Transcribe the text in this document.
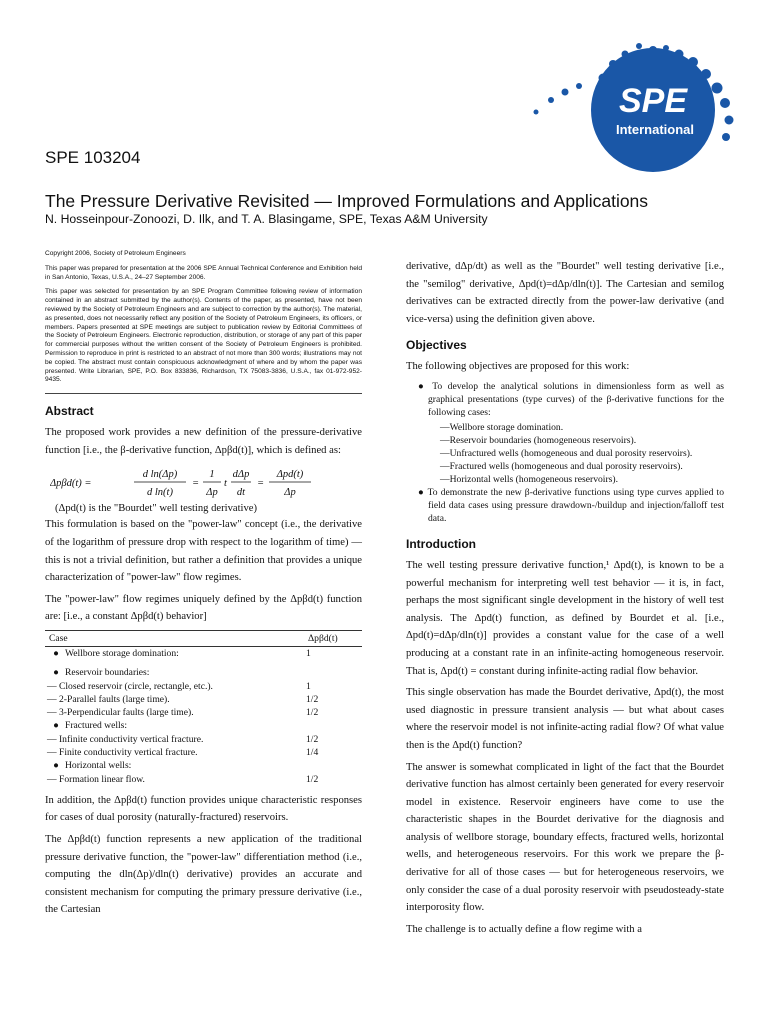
SPE
International
SPE 103204
The Pressure Derivative Revisited — Improved Formulations and Applications
N. Hosseinpour-Zonoozi, D. Ilk, and T. A. Blasingame, SPE, Texas A&M University

Copyright 2006, Society of Petroleum Engineers

This paper was prepared for presentation at the 2006 SPE Annual Technical Conference and Exhibition held in San Antonio, Texas, U.S.A., 24–27 September 2006.

This paper was selected for presentation by an SPE Program Committee following review of information contained in an abstract submitted by the author(s). Contents of the paper, as presented, have not been reviewed by the Society of Petroleum Engineers and are subject to correction by the author(s). The material, as presented, does not necessarily reflect any position of the Society of Petroleum Engineers, its officers, or members. Papers presented at SPE meetings are subject to publication review by Editorial Committees of the Society of Petroleum Engineers. Electronic reproduction, distribution, or storage of any part of this paper for commercial purposes without the written consent of the Society of Petroleum Engineers is prohibited. Permission to reproduce in print is restricted to an abstract of not more than 300 words; illustrations may not be copied. The abstract must contain conspicuous acknowledgment of where and by whom the paper was presented. Write Librarian, SPE, P.O. Box 833836, Richardson, TX 75083-3836, U.S.A., fax 01-972-952-9435.

Abstract

The proposed work provides a new definition of the pressure-derivative function [i.e., the β-derivative function, Δpβd(t)], which is defined as:

Δpβd(t) =
d ln(Δp)
d ln(t)
=
1
Δp
t
dΔp
dt
=
Δpd(t)
Δp
(Δpd(t) is the "Bourdet" well testing derivative)

This formulation is based on the "power-law" concept (i.e., the derivative of the logarithm of pressure drop with respect to the logarithm of time) — this is not a trivial definition, but rather a definition that provides a unique characterization of "power-law" flow regimes.

The "power-law" flow regimes uniquely defined by the Δpβd(t) function are: [i.e., a constant Δpβd(t) behavior]

Case	Δpβd(t)
● Wellbore storage domination:	1

● Reservoir boundaries:	
— Closed reservoir (circle, rectangle, etc.).	1
— 2-Parallel faults (large time).	1/2
— 3-Perpendicular faults (large time).	1/2
● Fractured wells:	
— Infinite conductivity vertical fracture.	1/2
— Finite conductivity vertical fracture.	1/4
● Horizontal wells:	
— Formation linear flow.	1/2

In addition, the Δpβd(t) function provides unique characteristic responses for cases of dual porosity (naturally-fractured) reservoirs.

The Δpβd(t) function represents a new application of the traditional pressure derivative function, the "power-law" differentiation method (i.e., computing the dln(Δp)/dln(t) derivative) provides an accurate and consistent mechanism for computing the primary pressure derivative (i.e., the Cartesian

derivative, dΔp/dt) as well as the "Bourdet" well testing derivative [i.e., the "semilog" derivative, Δpd(t)=dΔp/dln(t)]. The Cartesian and semilog derivatives can be extracted directly from the power-law derivative (and vice-versa) using the definition given above.

Objectives

The following objectives are proposed for this work:

● To develop the analytical solutions in dimensionless form as well as graphical presentations (type curves) of the β-derivative functions for the following cases:
—Wellbore storage domination.
—Reservoir boundaries (homogeneous reservoirs).
—Unfractured wells (homogeneous and dual porosity reservoirs).
—Fractured wells (homogeneous and dual porosity reservoirs).
—Horizontal wells (homogeneous reservoirs).
● To demonstrate the new β-derivative functions using type curves applied to field data cases using pressure drawdown-/buildup and injection/falloff test data.
Introduction

The well testing pressure derivative function,¹ Δpd(t), is known to be a powerful mechanism for interpreting well test behavior — it is, in fact, perhaps the most significant single development in the history of well test analysis. The Δpd(t) function, as defined by Bourdet et al. [i.e., Δpd(t)=dΔp/dln(t)] provides a constant value for the case of a well producing at a constant rate in an infinite-acting homogeneous reservoir. That is, Δpd(t) = constant during infinite-acting radial flow behavior.

This single observation has made the Bourdet derivative, Δpd(t), the most used diagnostic in pressure transient analysis — but what about cases where the reservoir model is not infinite-acting radial flow? Of what value then is the Δpd(t) function?

The answer is somewhat complicated in light of the fact that the Bourdet derivative function has almost certainly been generated for every reservoir model in existence. Reservoir engineers have come to use the characteristic shapes in the Bourdet derivative for the diagnosis and analysis of wellbore storage, boundary effects, fractured wells, horizontal wells, and heterogeneous reservoirs. For this work we prepare the β-derivative for all of those cases — but for heterogeneous reservoirs, we only consider the case of a dual porosity reservoir with pseudosteady-state interporosity flow.

The challenge is to actually define a flow regime with a
